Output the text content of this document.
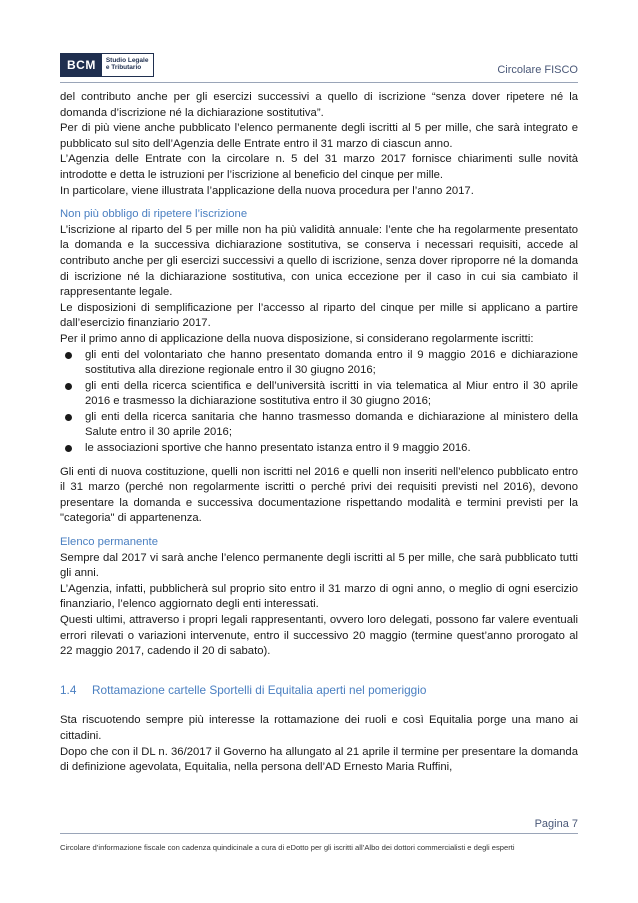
BCM	Studio Legale
e Tributario	Circolare FISCO

del contributo anche per gli esercizi successivi a quello di iscrizione “senza dover ripetere né la domanda d’iscrizione né la dichiarazione sostitutiva”.

Per di più viene anche pubblicato l’elenco permanente degli iscritti al 5 per mille, che sarà integrato e pubblicato sul sito dell’Agenzia delle Entrate entro il 31 marzo di ciascun anno.

L’Agenzia delle Entrate con la circolare n. 5 del 31 marzo 2017 fornisce chiarimenti sulle novità introdotte e detta le istruzioni per l’iscrizione al beneficio del cinque per mille.

In particolare, viene illustrata l’applicazione della nuova procedura per l’anno 2017.

Non più obbligo di ripetere l’iscrizione

L’iscrizione al riparto del 5 per mille non ha più validità annuale: l’ente che ha regolarmente presentato la domanda e la successiva dichiarazione sostitutiva, se conserva i necessari requisiti, accede al contributo anche per gli esercizi successivi a quello di iscrizione, senza dover riproporre né la domanda di iscrizione né la dichiarazione sostitutiva, con unica eccezione per il caso in cui sia cambiato il rappresentante legale.

Le disposizioni di semplificazione per l’accesso al riparto del cinque per mille si applicano a partire dall’esercizio finanziario 2017.

Per il primo anno di applicazione della nuova disposizione, si considerano regolarmente iscritti:

gli enti del volontariato che hanno presentato domanda entro il 9 maggio 2016 e dichiarazione sostitutiva alla direzione regionale entro il 30 giugno 2016;
gli enti della ricerca scientifica e dell’università iscritti in via telematica al Miur entro il 30 aprile 2016 e trasmesso la dichiarazione sostitutiva entro il 30 giugno 2016;
gli enti della ricerca sanitaria che hanno trasmesso domanda e dichiarazione al ministero della Salute entro il 30 aprile 2016;
le associazioni sportive che hanno presentato istanza entro il 9 maggio 2016.

Gli enti di nuova costituzione, quelli non iscritti nel 2016 e quelli non inseriti nell’elenco pubblicato entro il 31 marzo (perché non regolarmente iscritti o perché privi dei requisiti previsti nel 2016), devono presentare la domanda e successiva documentazione rispettando modalità e termini previsti per la "categoria" di appartenenza.

Elenco permanente

Sempre dal 2017 vi sarà anche l’elenco permanente degli iscritti al 5 per mille, che sarà pubblicato tutti gli anni.

L’Agenzia, infatti, pubblicherà sul proprio sito entro il 31 marzo di ogni anno, o meglio di ogni esercizio finanziario, l’elenco aggiornato degli enti interessati.

Questi ultimi, attraverso i propri legali rappresentanti, ovvero loro delegati, possono far valere eventuali errori rilevati o variazioni intervenute, entro il successivo 20 maggio (termine quest’anno prorogato al 22 maggio 2017, cadendo il 20 di sabato).

1.4	Rottamazione cartelle Sportelli di Equitalia aperti nel pomeriggio

Sta riscuotendo sempre più interesse la rottamazione dei ruoli e così Equitalia porge una mano ai cittadini.

Dopo che con il DL n. 36/2017 il Governo ha allungato al 21 aprile il termine per presentare la domanda di definizione agevolata, Equitalia, nella persona dell’AD Ernesto Maria Ruffini,

Pagina 7
Circolare d’informazione fiscale con cadenza quindicinale a cura di eDotto per gli iscritti all’Albo dei dottori commercialisti e degli esperti
